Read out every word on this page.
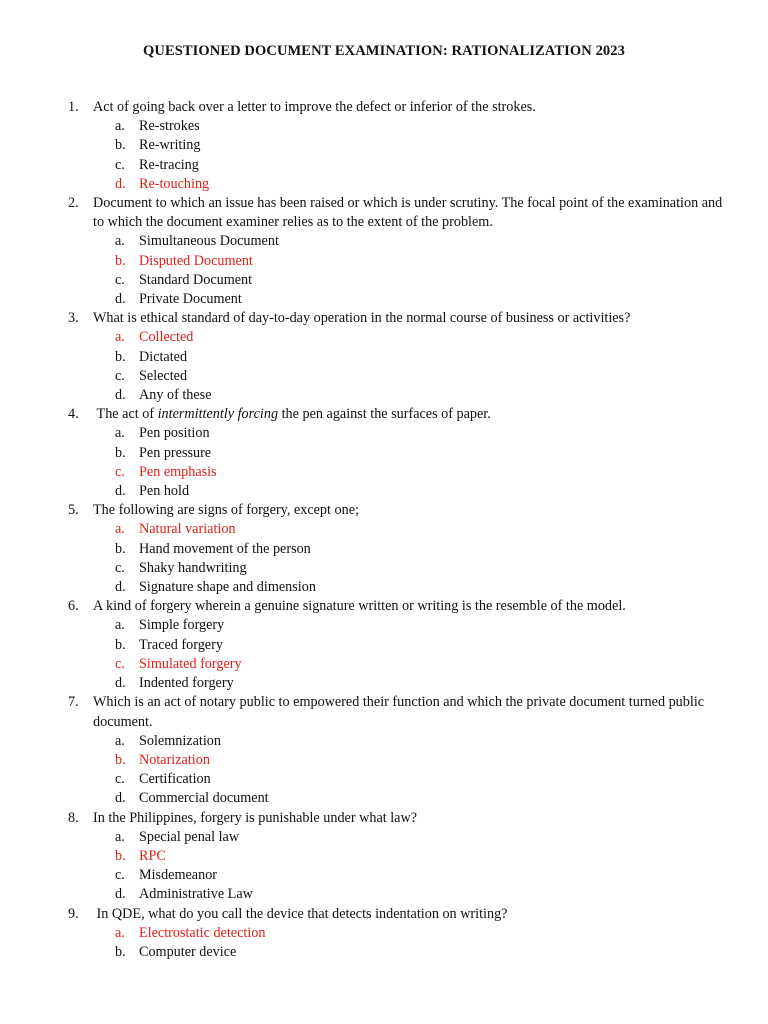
QUESTIONED DOCUMENT EXAMINATION: RATIONALIZATION 2023
1. Act of going back over a letter to improve the defect or inferior of the strokes.
a. Re-strokes
b. Re-writing
c. Re-tracing
d. Re-touching
2. Document to which an issue has been raised or which is under scrutiny. The focal point of the examination and to which the document examiner relies as to the extent of the problem.
a. Simultaneous Document
b. Disputed Document
c. Standard Document
d. Private Document
3. What is ethical standard of day-to-day operation in the normal course of business or activities?
a. Collected
b. Dictated
c. Selected
d. Any of these
4. The act of intermittently forcing the pen against the surfaces of paper.
a. Pen position
b. Pen pressure
c. Pen emphasis
d. Pen hold
5. The following are signs of forgery, except one;
a. Natural variation
b. Hand movement of the person
c. Shaky handwriting
d. Signature shape and dimension
6. A kind of forgery wherein a genuine signature written or writing is the resemble of the model.
a. Simple forgery
b. Traced forgery
c. Simulated forgery
d. Indented forgery
7. Which is an act of notary public to empowered their function and which the private document turned public document.
a. Solemnization
b. Notarization
c. Certification
d. Commercial document
8. In the Philippines, forgery is punishable under what law?
a. Special penal law
b. RPC
c. Misdemeanor
d. Administrative Law
9. In QDE, what do you call the device that detects indentation on writing?
a. Electrostatic detection
b. Computer device
